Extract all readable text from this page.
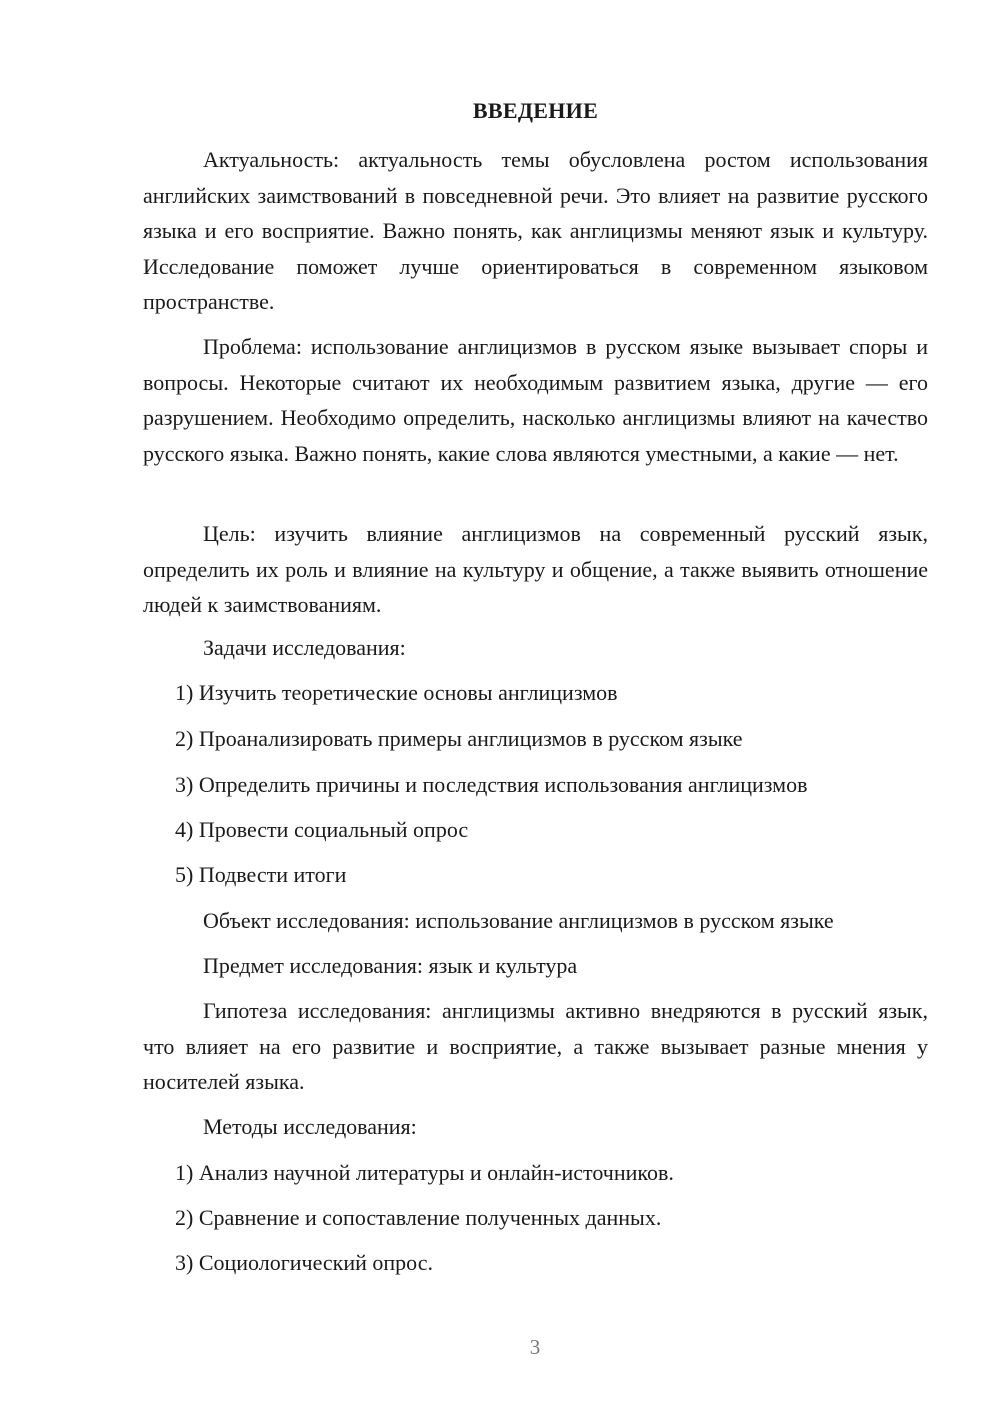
ВВЕДЕНИЕ

Актуальность: актуальность темы обусловлена ростом использования английских заимствований в повседневной речи. Это влияет на развитие русского языка и его восприятие. Важно понять, как англицизмы меняют язык и культуру. Исследование поможет лучше ориентироваться в современном языковом пространстве.

Проблема: использование англицизмов в русском языке вызывает споры и вопросы. Некоторые считают их необходимым развитием языка, другие — его разрушением. Необходимо определить, насколько англицизмы влияют на качество русского языка. Важно понять, какие слова являются уместными, а какие — нет.

Цель: изучить влияние англицизмов на современный русский язык, определить их роль и влияние на культуру и общение, а также выявить отношение людей к заимствованиям.

Задачи исследования:

1) Изучить теоретические основы англицизмов

2) Проанализировать примеры англицизмов в русском языке

3) Определить причины и последствия использования англицизмов

4) Провести социальный опрос

5) Подвести итоги

Объект исследования: использование англицизмов в русском языке

Предмет исследования: язык и культура

Гипотеза исследования: англицизмы активно внедряются в русский язык, что влияет на его развитие и восприятие, а также вызывает разные мнения у носителей языка.

Методы исследования:

1) Анализ научной литературы и онлайн-источников.

2) Сравнение и сопоставление полученных данных.

3) Социологический опрос.

3
